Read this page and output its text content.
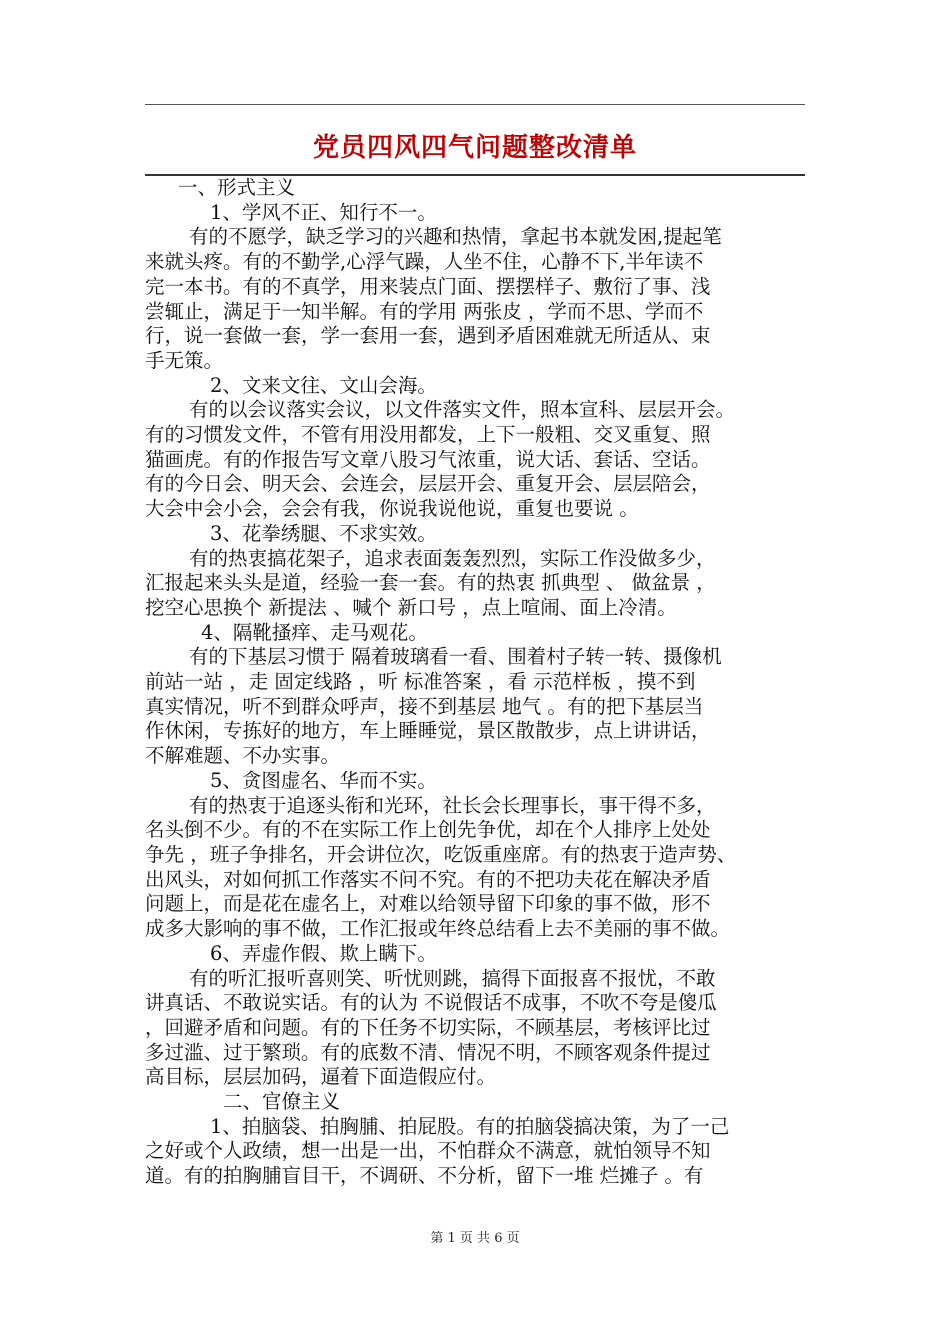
党员四风四气问题整改清单

一、形式主义

1、学风不正、知行不一。

有的不愿学，缺乏学习的兴趣和热情，拿起书本就发困,提起笔
来就头疼。有的不勤学,心浮气躁，人坐不住，心静不下,半年读不
完一本书。有的不真学，用来装点门面、摆摆样子、敷衍了事、浅
尝辄止，满足于一知半解。有的学用 两张皮 ，学而不思、学而不
行，说一套做一套，学一套用一套，遇到矛盾困难就无所适从、束
手无策。

2、文来文往、文山会海。

有的以会议落实会议，以文件落实文件，照本宣科、层层开会。
有的习惯发文件，不管有用没用都发，上下一般粗、交叉重复、照
猫画虎。有的作报告写文章八股习气浓重，说大话、套话、空话。
有的今日会、明天会、会连会，层层开会、重复开会、层层陪会，
大会中会小会，会会有我，你说我说他说，重复也要说 。

3、花拳绣腿、不求实效。

有的热衷搞花架子，追求表面轰轰烈烈，实际工作没做多少，
汇报起来头头是道，经验一套一套。有的热衷 抓典型 、 做盆景 ，
挖空心思换个 新提法 、喊个 新口号 ，点上喧闹、面上冷清。

4、隔靴搔痒、走马观花。

有的下基层习惯于 隔着玻璃看一看、围着村子转一转、摄像机
前站一站 ，走 固定线路 ，听 标准答案 ，看 示范样板 ，摸不到
真实情况，听不到群众呼声，接不到基层 地气 。有的把下基层当
作休闲，专拣好的地方，车上睡睡觉，景区散散步，点上讲讲话，
不解难题、不办实事。

5、贪图虚名、华而不实。

有的热衷于追逐头衔和光环，社长会长理事长，事干得不多，
名头倒不少。有的不在实际工作上创先争优，却在个人排序上处处
争先 ，班子争排名，开会讲位次，吃饭重座席。有的热衷于造声势、
出风头，对如何抓工作落实不问不究。有的不把功夫花在解决矛盾
问题上，而是花在虚名上，对难以给领导留下印象的事不做，形不
成多大影响的事不做，工作汇报或年终总结看上去不美丽的事不做。

6、弄虚作假、欺上瞒下。

有的听汇报听喜则笑、听忧则跳，搞得下面报喜不报忧，不敢
讲真话、不敢说实话。有的认为 不说假话不成事，不吹不夸是傻瓜
，回避矛盾和问题。有的下任务不切实际，不顾基层，考核评比过
多过滥、过于繁琐。有的底数不清、情况不明，不顾客观条件提过
高目标，层层加码，逼着下面造假应付。

二、官僚主义

1、拍脑袋、拍胸脯、拍屁股。有的拍脑袋搞决策，为了一己

之好或个人政绩，想一出是一出，不怕群众不满意，就怕领导不知
道。有的拍胸脯盲目干，不调研、不分析，留下一堆 烂摊子 。有

第 1 页 共 6 页
